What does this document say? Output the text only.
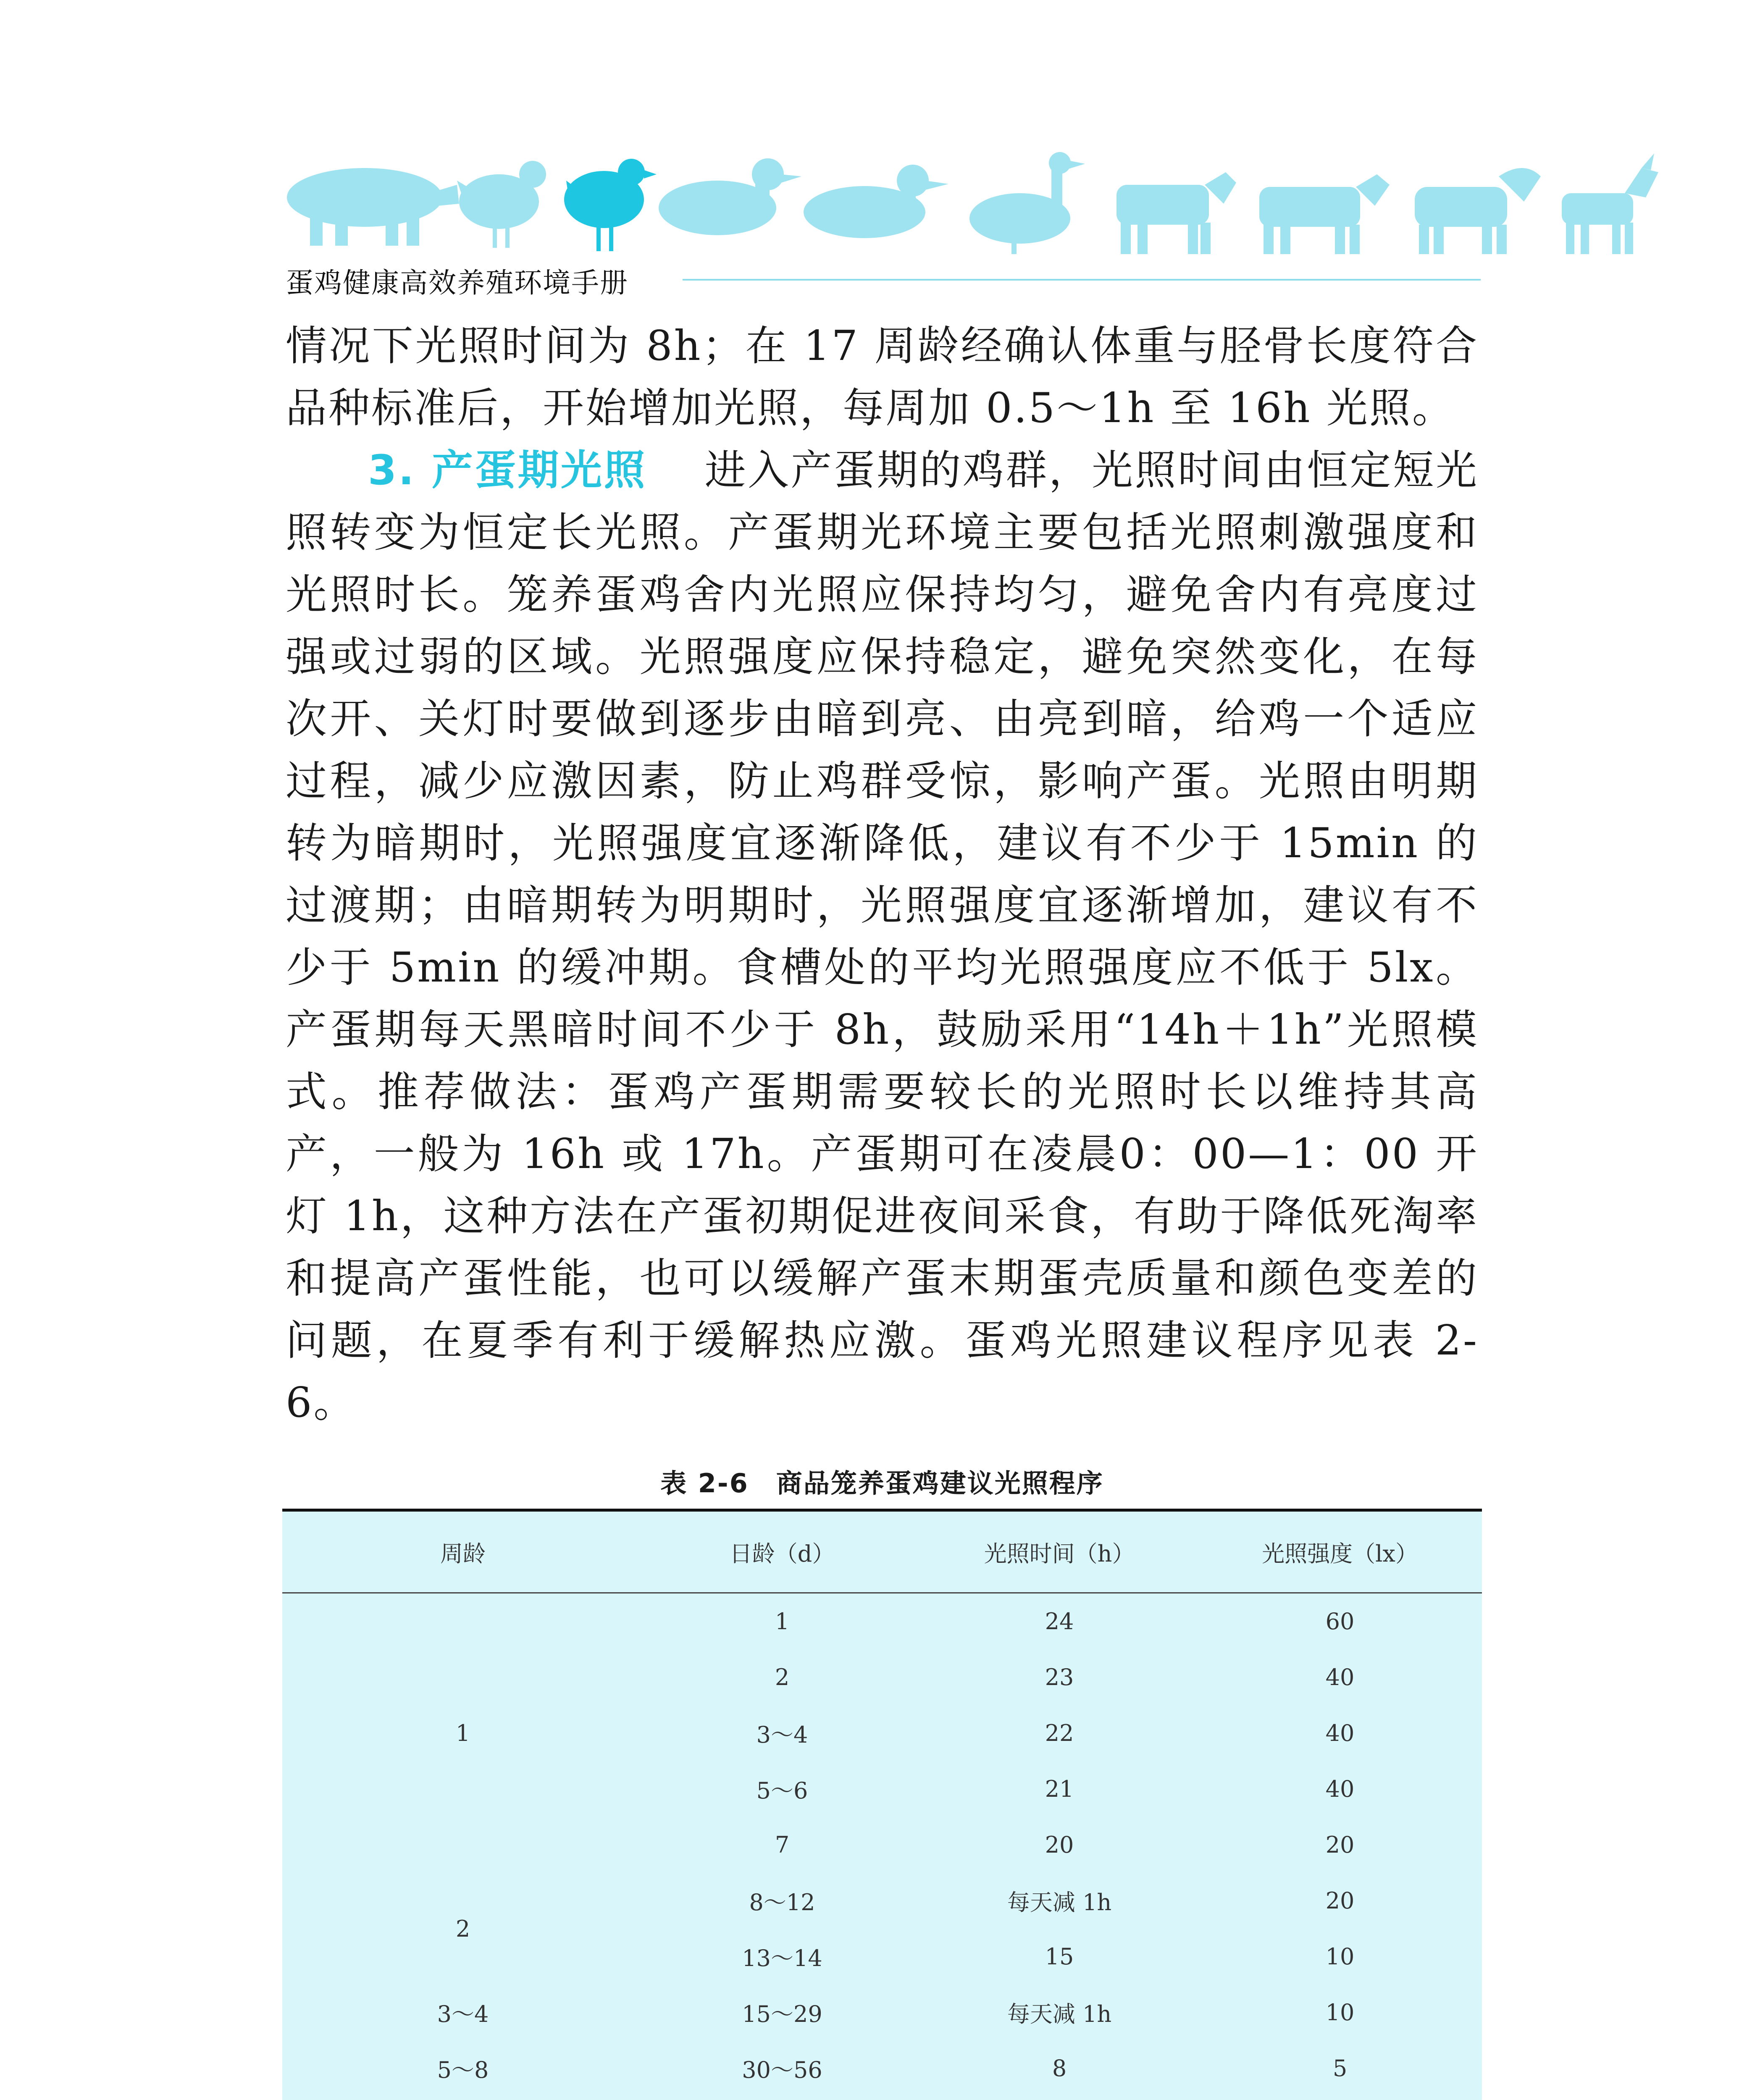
蛋鸡健康高效养殖环境手册

情况下光照时间为 8h；在 17 周龄经确认体重与胫骨长度符合品种标准后，开始增加光照，每周加 0.5～1h 至 16h 光照。

3. 产蛋期光照　 进入产蛋期的鸡群，光照时间由恒定短光照转变为恒定长光照。产蛋期光环境主要包括光照刺激强度和光照时长。笼养蛋鸡舍内光照应保持均匀，避免舍内有亮度过强或过弱的区域。光照强度应保持稳定，避免突然变化，在每次开、关灯时要做到逐步由暗到亮、由亮到暗，给鸡一个适应过程，减少应激因素，防止鸡群受惊，影响产蛋。光照由明期转为暗期时，光照强度宜逐渐降低，建议有不少于 15min 的过渡期；由暗期转为明期时，光照强度宜逐渐增加，建议有不少于 5min 的缓冲期。食槽处的平均光照强度应不低于 5lx。产蛋期每天黑暗时间不少于 8h，鼓励采用“14h＋1h”光照模式。推荐做法：蛋鸡产蛋期需要较长的光照时长以维持其高产，一般为 16h 或 17h。产蛋期可在凌晨0：00—1：00 开灯 1h，这种方法在产蛋初期促进夜间采食，有助于降低死淘率和提高产蛋性能，也可以缓解产蛋末期蛋壳质量和颜色变差的问题，在夏季有利于缓解热应激。蛋鸡光照建议程序见表 2-6。

表 2-6　商品笼养蛋鸡建议光照程序
周龄	日龄（d）	光照时间（h）	光照强度（lx）
1	1	24	60
	2	23	40
	3～4	22	40
	5～6	21	40
	7	20	20
2	8～12	每天减 1h	20
	13～14	15	10
3～4	15～29	每天减 1h	10
5～8	30～56	8	5
